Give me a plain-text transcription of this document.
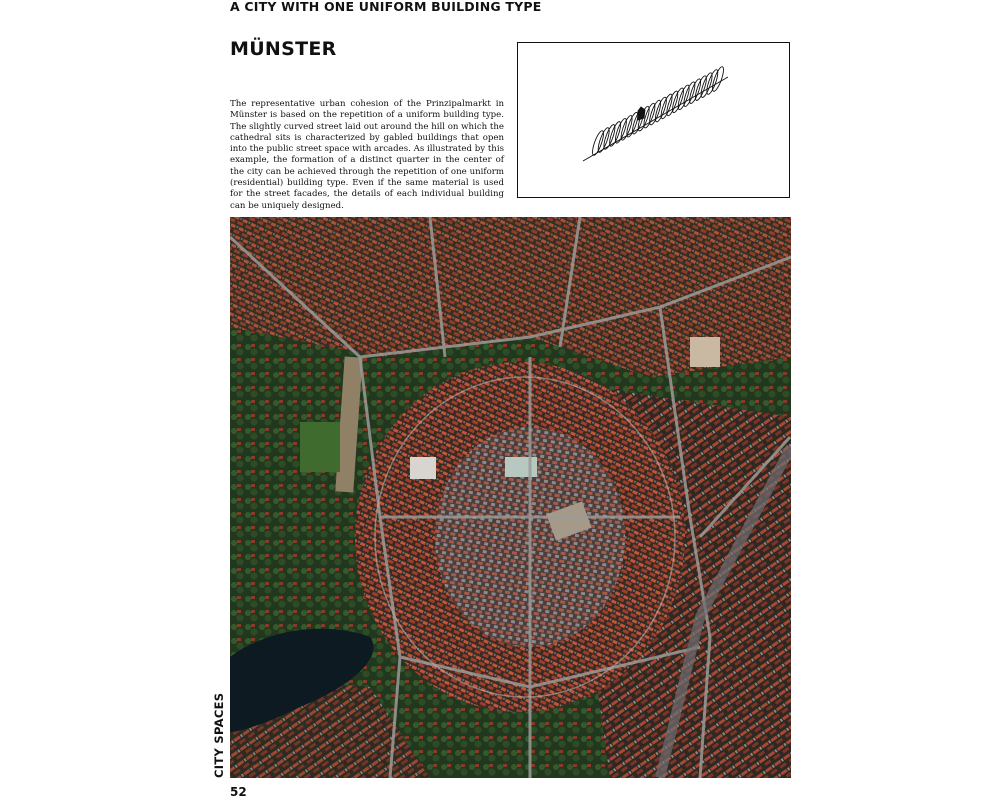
A CITY WITH ONE UNIFORM BUILDING TYPE
MÜNSTER

The representative urban cohesion of the Prinzipalmarkt in Münster is based on the repetition of a uniform building type. The slightly curved street laid out around the hill on which the cathedral sits is characterized by gabled buildings that open into the public street space with arcades. As illustrated by this example, the formation of a distinct quarter in the center of the city can be achieved through the repetition of one uniform (residential) building type. Even if the same material is used for the street facades, the details of each individual building can be uniquely designed.

CITY SPACES
52
